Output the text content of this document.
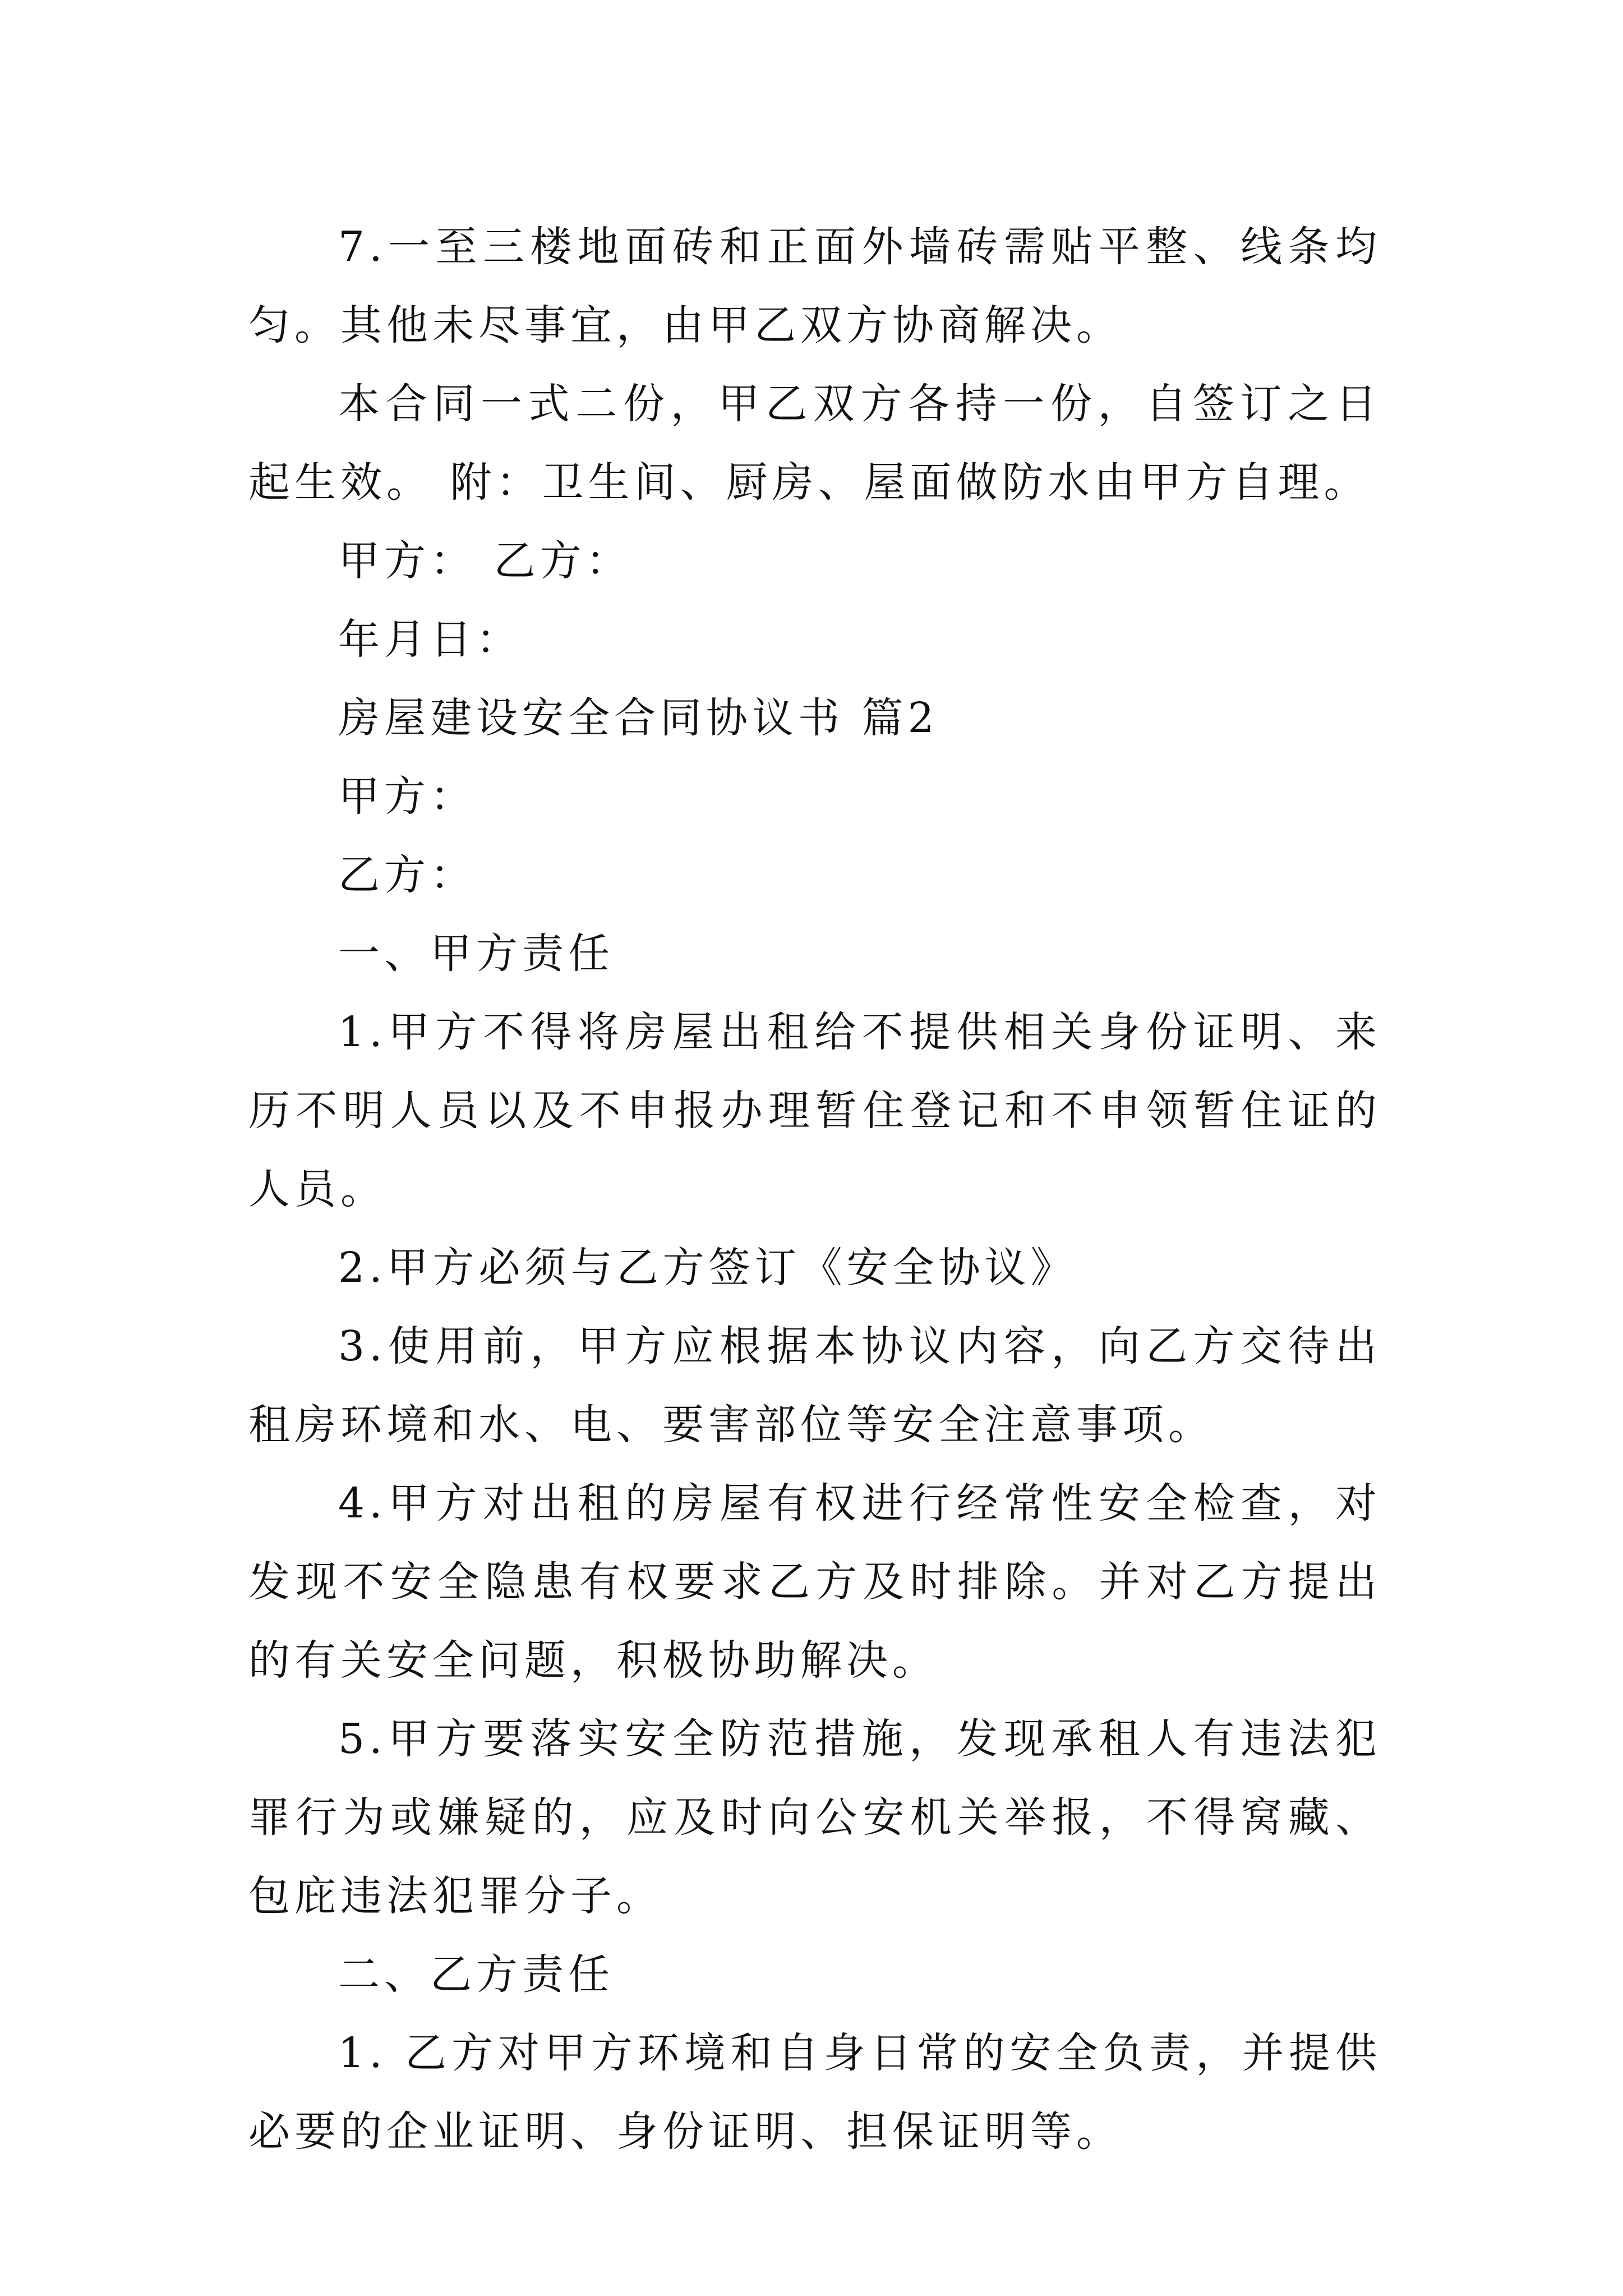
7.一至三楼地面砖和正面外墙砖需贴平整、线条均匀。其他未尽事宜，由甲乙双方协商解决。

本合同一式二份，甲乙双方各持一份，自签订之日起生效。 附：卫生间、厨房、屋面做防水由甲方自理。

甲方： 乙方：

年月日：

房屋建设安全合同协议书 篇2

甲方：

乙方：

一、甲方责任

1.甲方不得将房屋出租给不提供相关身份证明、来历不明人员以及不申报办理暂住登记和不申领暂住证的人员。

2.甲方必须与乙方签订《安全协议》

3.使用前，甲方应根据本协议内容，向乙方交待出租房环境和水、电、要害部位等安全注意事项。

4.甲方对出租的房屋有权进行经常性安全检查，对发现不安全隐患有权要求乙方及时排除。并对乙方提出的有关安全问题，积极协助解决。

5.甲方要落实安全防范措施，发现承租人有违法犯罪行为或嫌疑的，应及时向公安机关举报，不得窝藏、包庇违法犯罪分子。

二、乙方责任

1. 乙方对甲方环境和自身日常的安全负责，并提供必要的企业证明、身份证明、担保证明等。
